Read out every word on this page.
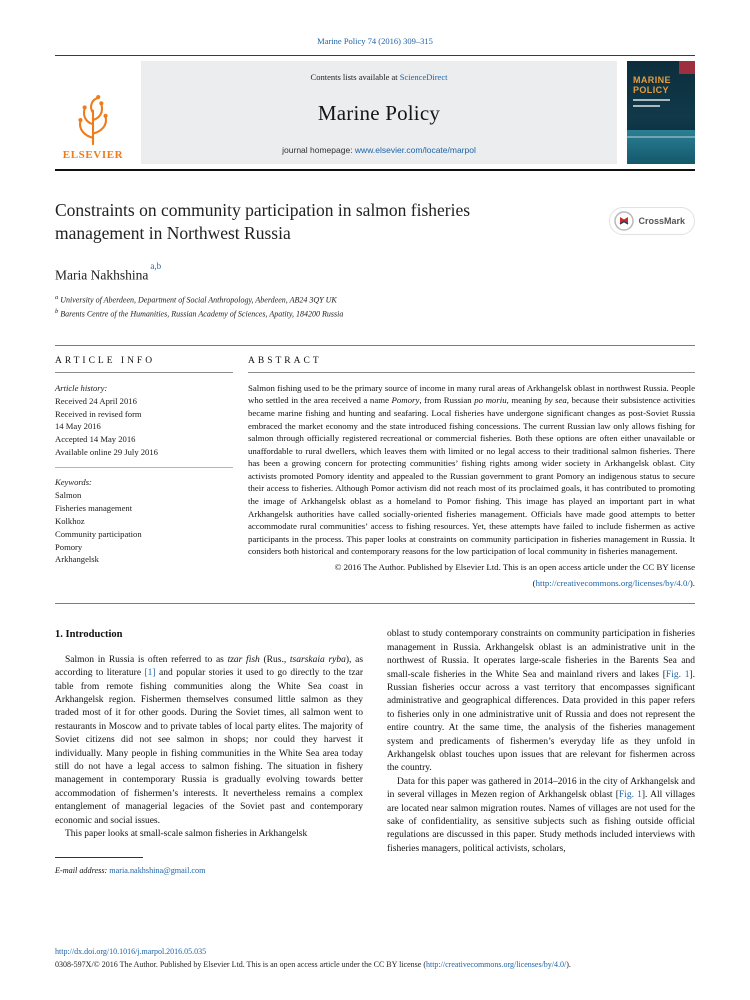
Marine Policy 74 (2016) 309–315
ELSEVIER
Contents lists available at ScienceDirect
Marine Policy
journal homepage: www.elsevier.com/locate/marpol
MARINE
POLICY
Constraints on community participation in salmon fisheries management in Northwest Russia
CrossMark
Maria Nakhshina$^{a,b}$
$^a$ University of Aberdeen, Department of Social Anthropology, Aberdeen, AB24 3QY UK
$^b$ Barents Centre of the Humanities, Russian Academy of Sciences, Apatity, 184200 Russia
ARTICLE INFO
Article history:
Received 24 April 2016
Received in revised form
14 May 2016
Accepted 14 May 2016
Available online 29 July 2016
Keywords:
Salmon
Fisheries management
Kolkhoz
Community participation
Pomory
Arkhangelsk
ABSTRACT
Salmon fishing used to be the primary source of income in many rural areas of Arkhangelsk oblast in northwest Russia. People who settled in the area received a name Pomory, from Russian po moriu, meaning by sea, because their subsistence activities became marine fishing and hunting and seafaring. Local fisheries have undergone significant changes as post-Soviet Russia embraced the market economy and the state introduced fishing concessions. The current Russian law only allows fishing for salmon through officially registered recreational or commercial fisheries. Both these options are often either unavailable or unaffordable to rural dwellers, which leaves them with limited or no legal access to their traditional salmon fisheries. There has been a growing concern for protecting communities’ fishing rights among wider society in Arkhangelsk oblast. City activists promoted Pomory identity and appealed to the Russian government to grant Pomory an indigenous status to secure their access to fisheries. Although Pomor activism did not reach most of its proclaimed goals, it has contributed to promoting the image of Arkhangelsk oblast as a homeland to Pomor fishing. This image has played an important part in what Arkhangelsk authorities have called socially-oriented fisheries management. Officials have made good attempts to better accommodate rural communities’ access to fishing resources. Yet, these attempts have failed to include fishermen as active participants in the process. This paper looks at constraints on community participation in fisheries management in Russia. It considers both historical and contemporary reasons for the low participation of local community in fisheries management.
© 2016 The Author. Published by Elsevier Ltd. This is an open access article under the CC BY license
(http://creativecommons.org/licenses/by/4.0/).
1. Introduction

Salmon in Russia is often referred to as tzar fish (Rus., tsarskaia ryba), as according to literature [1] and popular stories it used to go directly to the tzar table from remote fishing communities along the White Sea coast in Arkhangelsk region. Fishermen themselves consumed little salmon as they traded most of it for other goods. During the Soviet times, all salmon went to restaurants in Moscow and to private tables of local party elites. The majority of Soviet citizens did not see salmon in shops; nor could they harvest it individually. Many people in fishing communities in the White Sea area today still do not have a legal access to salmon fishing. The situation in fishery management in contemporary Russia is gradually evolving towards better accommodation of fishermen’s interests. It nevertheless remains a complex entanglement of managerial legacies of the Soviet past and contemporary economic and social issues.

This paper looks at small-scale salmon fisheries in Arkhangelsk

E-mail address: maria.nakhshina@gmail.com

oblast to study contemporary constraints on community participation in fisheries management in Russia. Arkhangelsk oblast is an administrative unit in the northwest of Russia. It operates large-scale fisheries in the Barents Sea and small-scale fisheries in the White Sea and mainland rivers and lakes [Fig. 1]. Russian fisheries occur across a vast territory that encompasses significant administrative and geographical differences. Data provided in this paper refers to fisheries only in one administrative unit of Russia and does not represent the entire country. At the same time, the analysis of the fisheries management system and predicaments of fishermen’s everyday life as they unfold in Arkhangelsk oblast touches upon issues that are relevant for fishermen across the country.

Data for this paper was gathered in 2014–2016 in the city of Arkhangelsk and in several villages in Mezen region of Arkhangelsk oblast [Fig. 1]. All villages are located near salmon migration routes. Names of villages are not used for the sake of confidentiality, as sensitive subjects such as fishing outside official regulations are discussed in this paper. Study methods included interviews with fisheries managers, political activists, scholars,

http://dx.doi.org/10.1016/j.marpol.2016.05.035
0308-597X/© 2016 The Author. Published by Elsevier Ltd. This is an open access article under the CC BY license (http://creativecommons.org/licenses/by/4.0/).
